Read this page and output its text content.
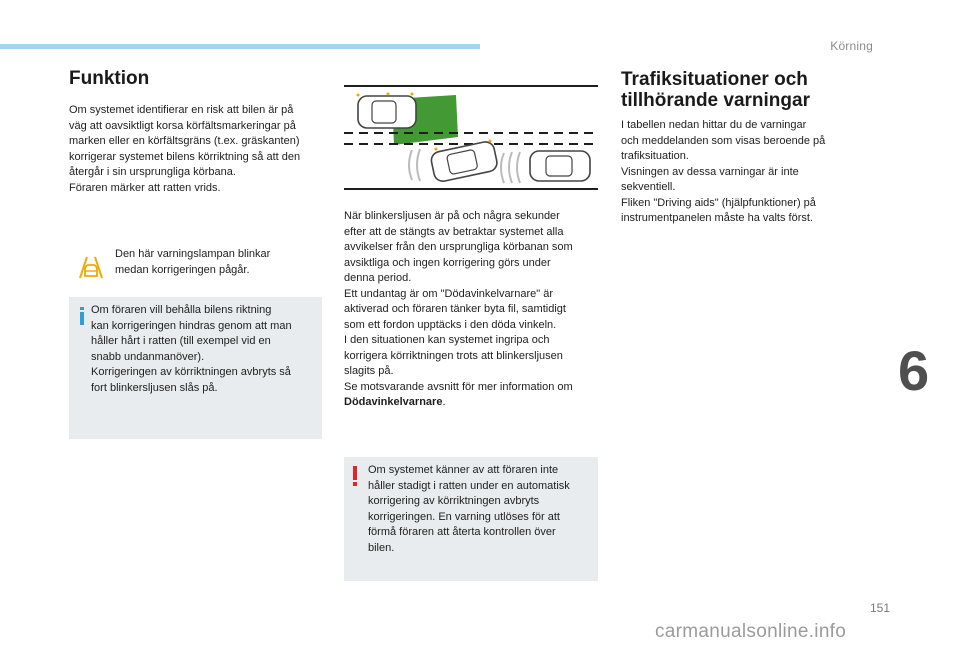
Körning
Funktion

Om systemet identifierar en risk att bilen är på
väg att oavsiktligt korsa körfältsmarkeringar på
marken eller en körfältsgräns (t.ex. gräskanten)
korrigerar systemet bilens körriktning så att den
återgår i sin ursprungliga körbana.
Föraren märker att ratten vrids.

Den här varningslampan blinkar
medan korrigeringen pågår.

Om föraren vill behålla bilens riktning
kan korrigeringen hindras genom att man
håller hårt i ratten (till exempel vid en
snabb undanmanöver).
Korrigeringen av körriktningen avbryts så
fort blinkersljusen slås på.

När blinkersljusen är på och några sekunder
efter att de stängts av betraktar systemet alla
avvikelser från den ursprungliga körbanan som
avsiktliga och ingen korrigering görs under
denna period.
Ett undantag är om "Dödavinkelvarnare" är
aktiverad och föraren tänker byta fil, samtidigt
som ett fordon upptäcks i den döda vinkeln.
I den situationen kan systemet ingripa och
korrigera körriktningen trots att blinkersljusen
slagits på.
Se motsvarande avsnitt för mer information om
Dödavinkelvarnare.

Om systemet känner av att föraren inte
håller stadigt i ratten under en automatisk
korrigering av körriktningen avbryts
korrigeringen. En varning utlöses för att
förmå föraren att återta kontrollen över
bilen.

Trafiksituationer och
tillhörande varningar

I tabellen nedan hittar du de varningar
och meddelanden som visas beroende på
trafiksituation.
Visningen av dessa varningar är inte
sekventiell.
Fliken "Driving aids" (hjälpfunktioner) på
instrumentpanelen måste ha valts först.

6
151
carmanualsonline.info
